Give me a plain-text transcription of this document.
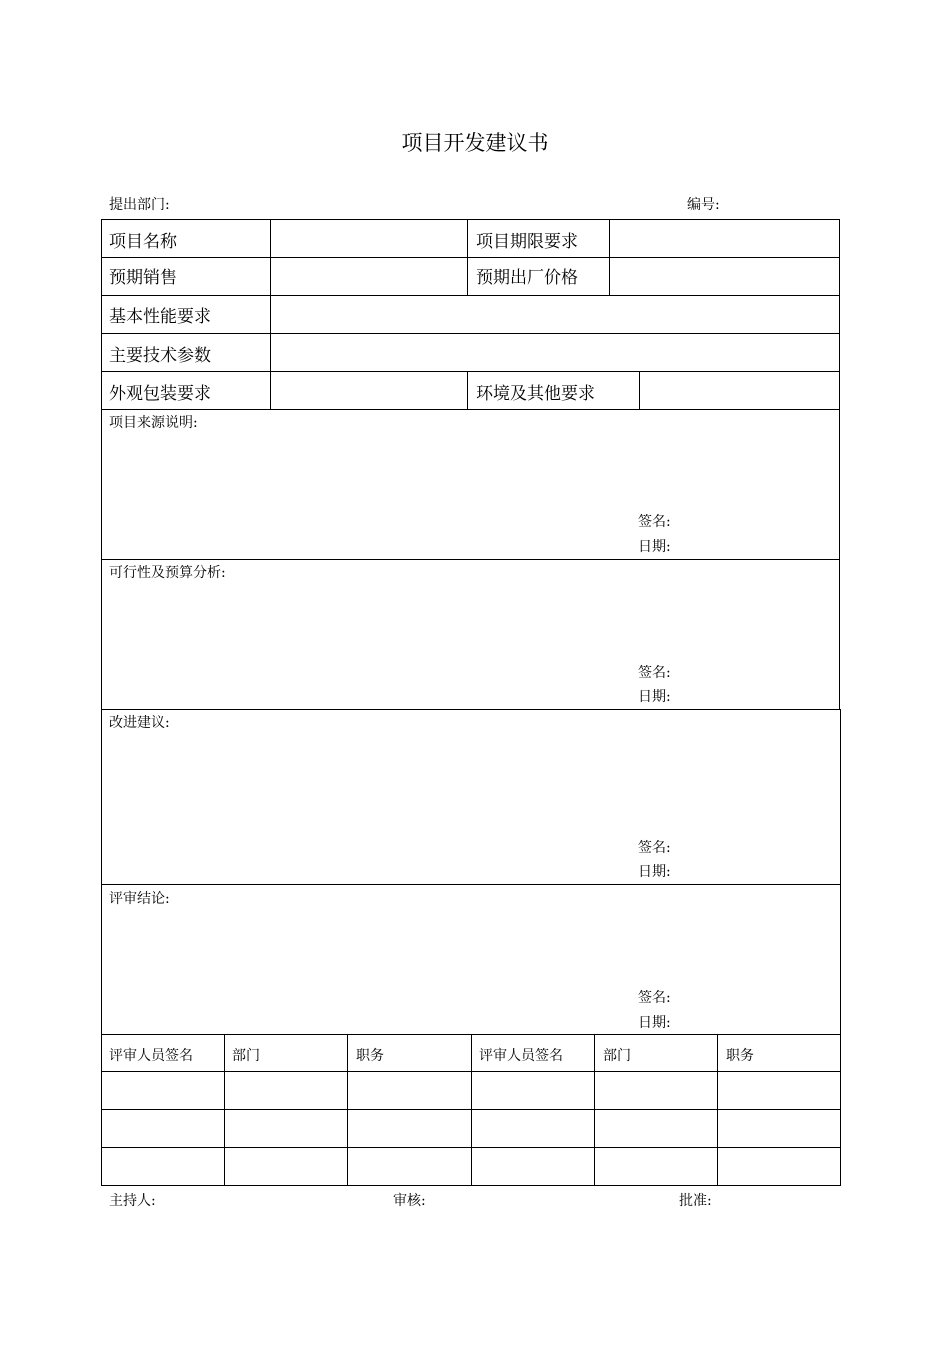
项目开发建议书
提出部门:	编号:
项目名称	项目期限要求
预期销售	预期出厂价格
基本性能要求
主要技术参数
外观包装要求	环境及其他要求
项目来源说明:
签名:
日期:
可行性及预算分析:
签名:
日期:
改进建议:
签名:
日期:
评审结论:
签名:
日期:
评审人员签名	部门	职务	评审人员签名	部门	职务
主持人:	审核:	批准:
